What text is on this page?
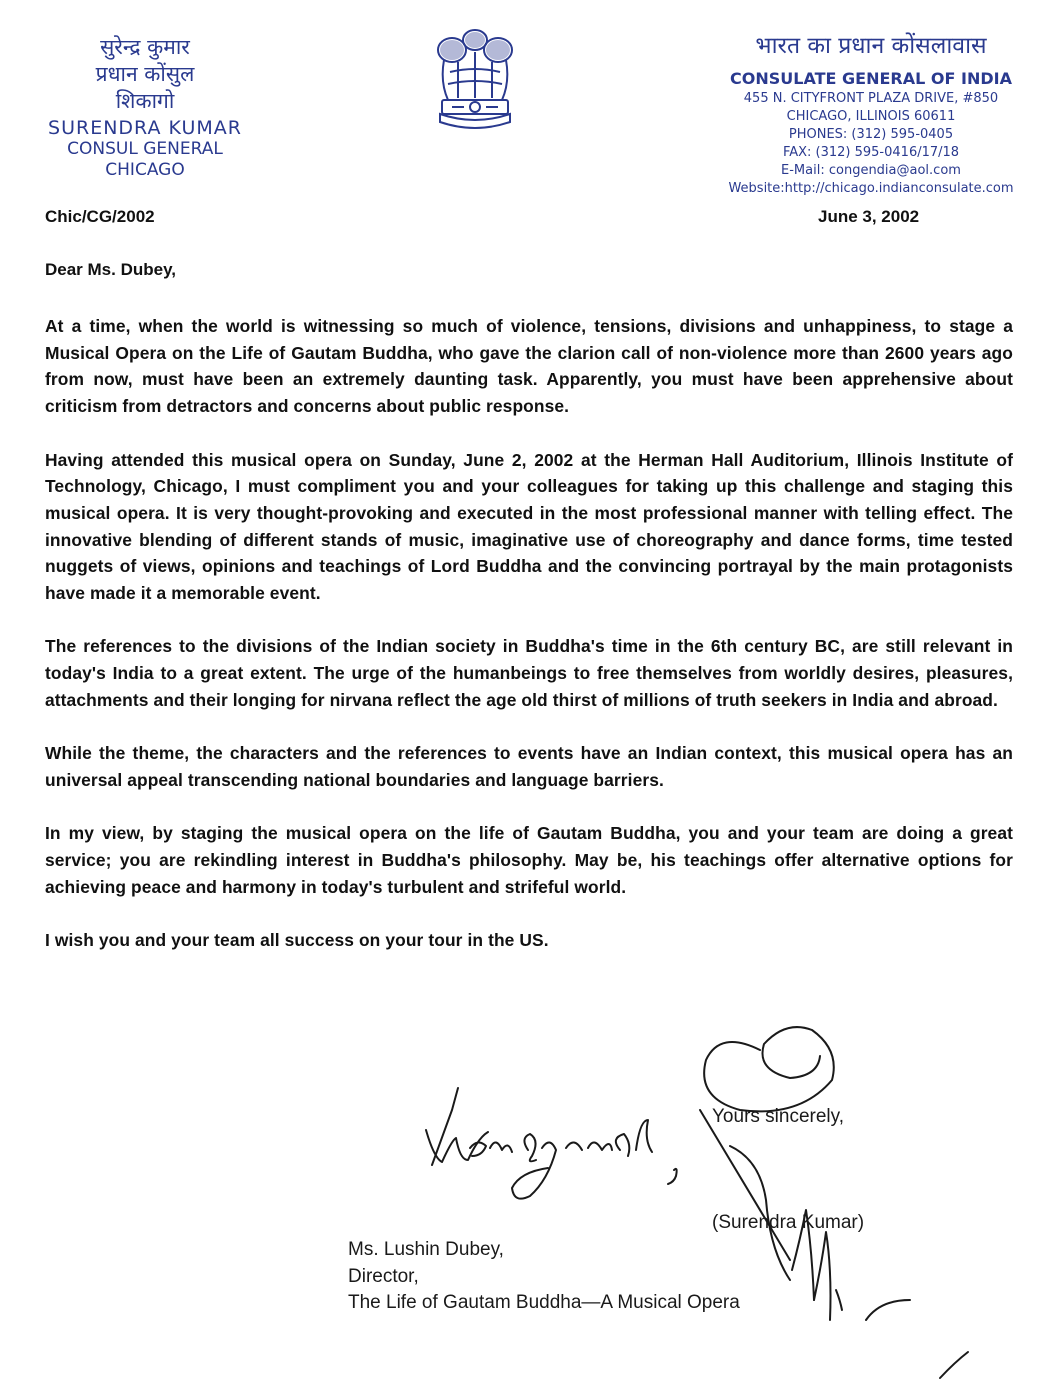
सुरेन्द्र कुमार
प्रधान कोंसुल
शिकागो
SURENDRA KUMAR
CONSUL GENERAL
CHICAGO
भारत का प्रधान कोंसलावास
CONSULATE GENERAL OF INDIA
455 N. CITYFRONT PLAZA DRIVE, #850
CHICAGO, ILLINOIS 60611
PHONES: (312) 595-0405
FAX: (312) 595-0416/17/18
E-Mail: congendia@aol.com
Website:http://chicago.indianconsulate.com
Chic/CG/2002	June 3, 2002
Dear Ms. Dubey,

At a time, when the world is witnessing so much of violence, tensions, divisions and unhappiness, to stage a Musical Opera on the Life of Gautam Buddha, who gave the clarion call of non-violence more than 2600 years ago from now, must have been an extremely daunting task. Apparently, you must have been apprehensive about criticism from detractors and concerns about public response.

Having attended this musical opera on Sunday, June 2, 2002 at the Herman Hall Auditorium, Illinois Institute of Technology, Chicago, I must compliment you and your colleagues for taking up this challenge and staging this musical opera. It is very thought-provoking and executed in the most professional manner with telling effect. The innovative blending of different stands of music, imaginative use of choreography and dance forms, time tested nuggets of views, opinions and teachings of Lord Buddha and the convincing portrayal by the main protagonists have made it a memorable event.

The references to the divisions of the Indian society in Buddha's time in the 6th century BC, are still relevant in today's India to a great extent. The urge of the humanbeings to free themselves from worldly desires, pleasures, attachments and their longing for nirvana reflect the age old thirst of millions of truth seekers in India and abroad.

While the theme, the characters and the references to events have an Indian context, this musical opera has an universal appeal transcending national boundaries and language barriers.

In my view, by staging the musical opera on the life of Gautam Buddha, you and your team are doing a great service; you are rekindling interest in Buddha's philosophy. May be, his teachings offer alternative options for achieving peace and harmony in today's turbulent and strifeful world.

I wish you and your team all success on your tour in the US.

Yours sincerely,
(Surendra Kumar)
Ms. Lushin Dubey,
Director,
The Life of Gautam Buddha—A Musical Opera
